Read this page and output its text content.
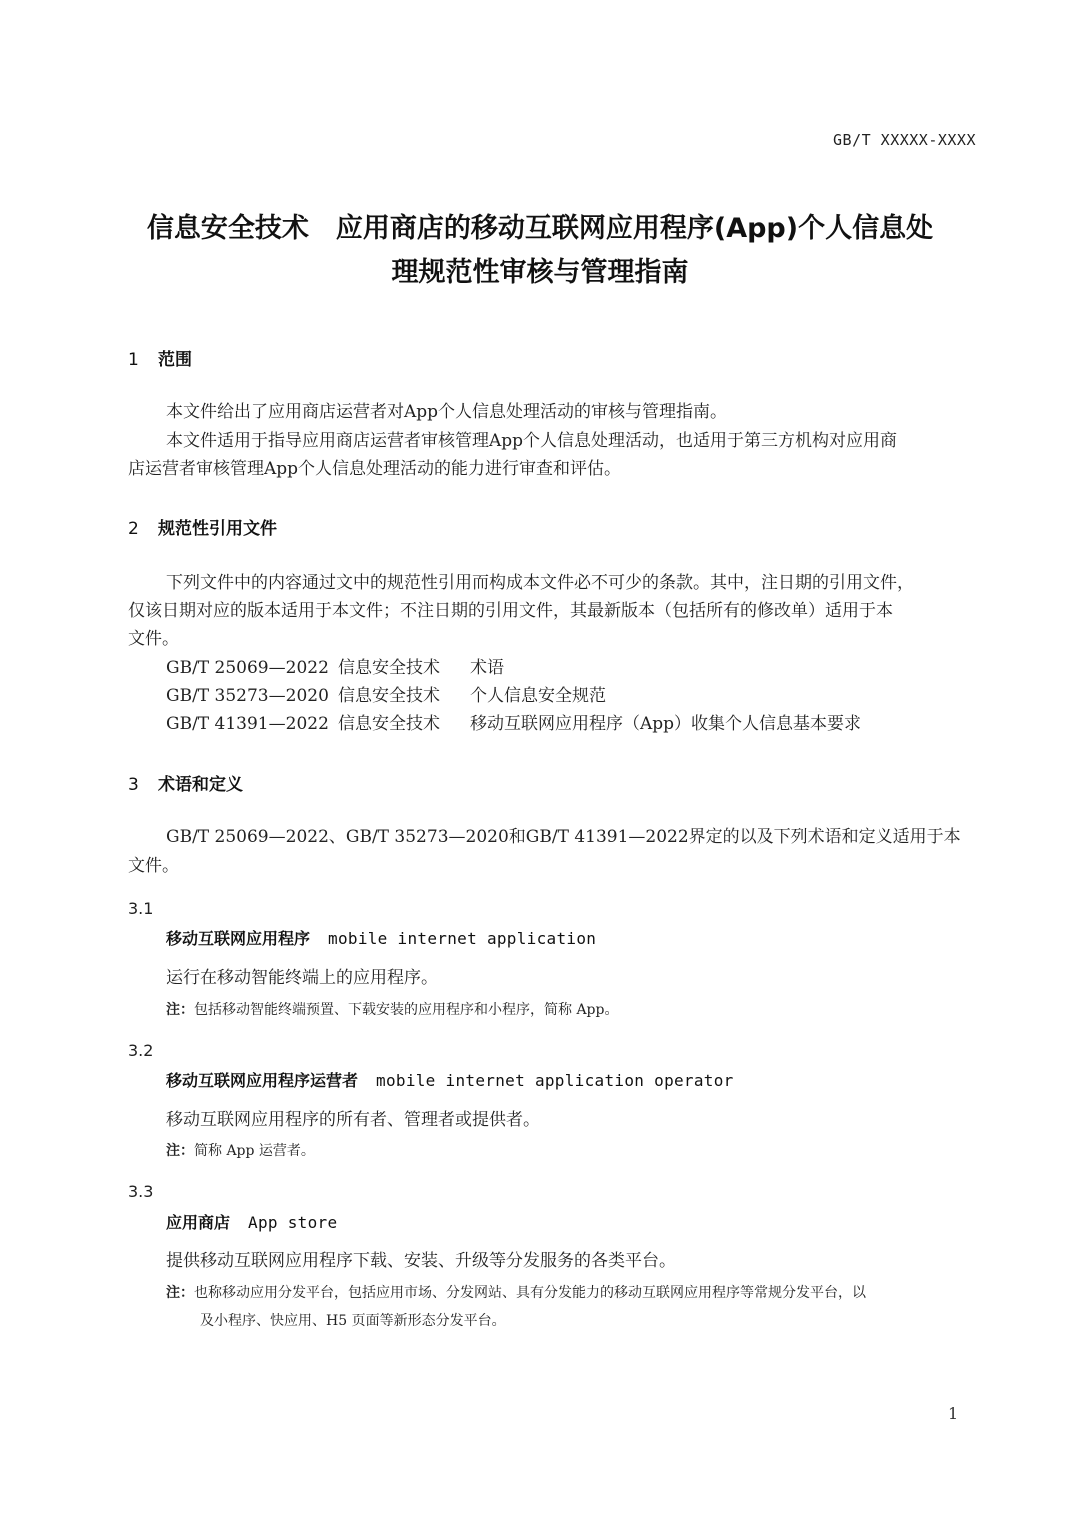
GB/T XXXXX-XXXX
信息安全技术　应用商店的移动互联网应用程序(App)个人信息处
理规范性审核与管理指南
1 范围
本文件给出了应用商店运营者对App个人信息处理活动的审核与管理指南。
本文件适用于指导应用商店运营者审核管理App个人信息处理活动，也适用于第三方机构对应用商
店运营者审核管理App个人信息处理活动的能力进行审查和评估。
2 规范性引用文件
下列文件中的内容通过文中的规范性引用而构成本文件必不可少的条款。其中，注日期的引用文件，
仅该日期对应的版本适用于本文件；不注日期的引用文件，其最新版本（包括所有的修改单）适用于本
文件。
GB/T 25069—2022 信息安全技术 术语
GB/T 35273—2020 信息安全技术 个人信息安全规范
GB/T 41391—2022 信息安全技术 移动互联网应用程序（App）收集个人信息基本要求
3 术语和定义
GB/T 25069—2022、GB/T 35273—2020和GB/T 41391—2022界定的以及下列术语和定义适用于本
文件。
3.1
移动互联网应用程序 mobile internet application
运行在移动智能终端上的应用程序。
注：包括移动智能终端预置、下载安装的应用程序和小程序，简称 App。
3.2
移动互联网应用程序运营者 mobile internet application operator
移动互联网应用程序的所有者、管理者或提供者。
注：简称 App 运营者。
3.3
应用商店 App store
提供移动互联网应用程序下载、安装、升级等分发服务的各类平台。
注：也称移动应用分发平台，包括应用市场、分发网站、具有分发能力的移动互联网应用程序等常规分发平台，以
及小程序、快应用、H5 页面等新形态分发平台。
1
